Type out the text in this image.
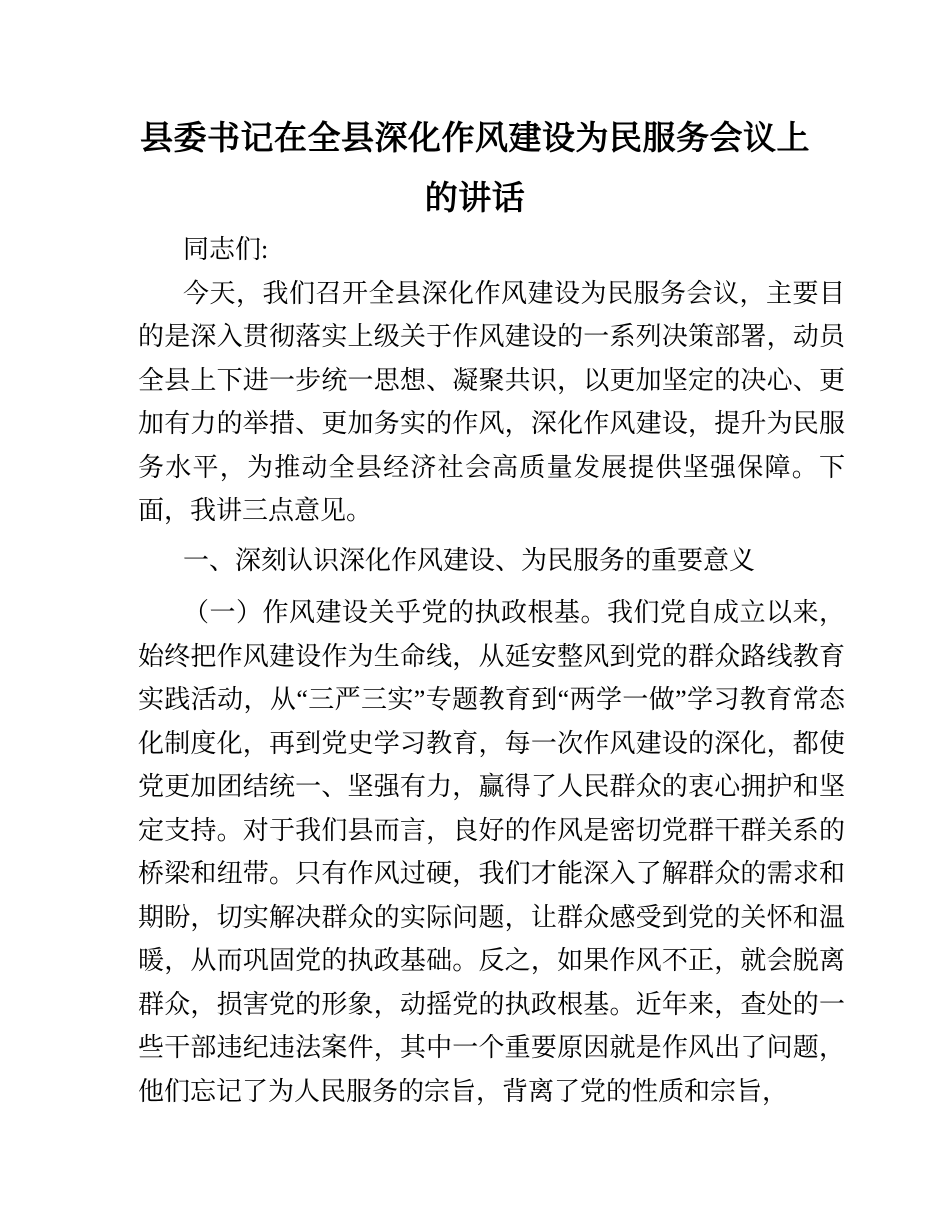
县委书记在全县深化作风建设为民服务会议上的讲话

同志们:

今天，我们召开全县深化作风建设为民服务会议，主要目的是深入贯彻落实上级关于作风建设的一系列决策部署，动员全县上下进一步统一思想、凝聚共识，以更加坚定的决心、更加有力的举措、更加务实的作风，深化作风建设，提升为民服务水平，为推动全县经济社会高质量发展提供坚强保障。下面，我讲三点意见。

一、深刻认识深化作风建设、为民服务的重要意义

（一）作风建设关乎党的执政根基。我们党自成立以来，始终把作风建设作为生命线，从延安整风到党的群众路线教育实践活动，从“三严三实”专题教育到“两学一做”学习教育常态化制度化，再到党史学习教育，每一次作风建设的深化，都使党更加团结统一、坚强有力，赢得了人民群众的衷心拥护和坚定支持。对于我们县而言，良好的作风是密切党群干群关系的桥梁和纽带。只有作风过硬，我们才能深入了解群众的需求和期盼，切实解决群众的实际问题，让群众感受到党的关怀和温暖，从而巩固党的执政基础。反之，如果作风不正，就会脱离群众，损害党的形象，动摇党的执政根基。近年来，查处的一些干部违纪违法案件，其中一个重要原因就是作风出了问题，他们忘记了为人民服务的宗旨，背离了党的性质和宗旨，
